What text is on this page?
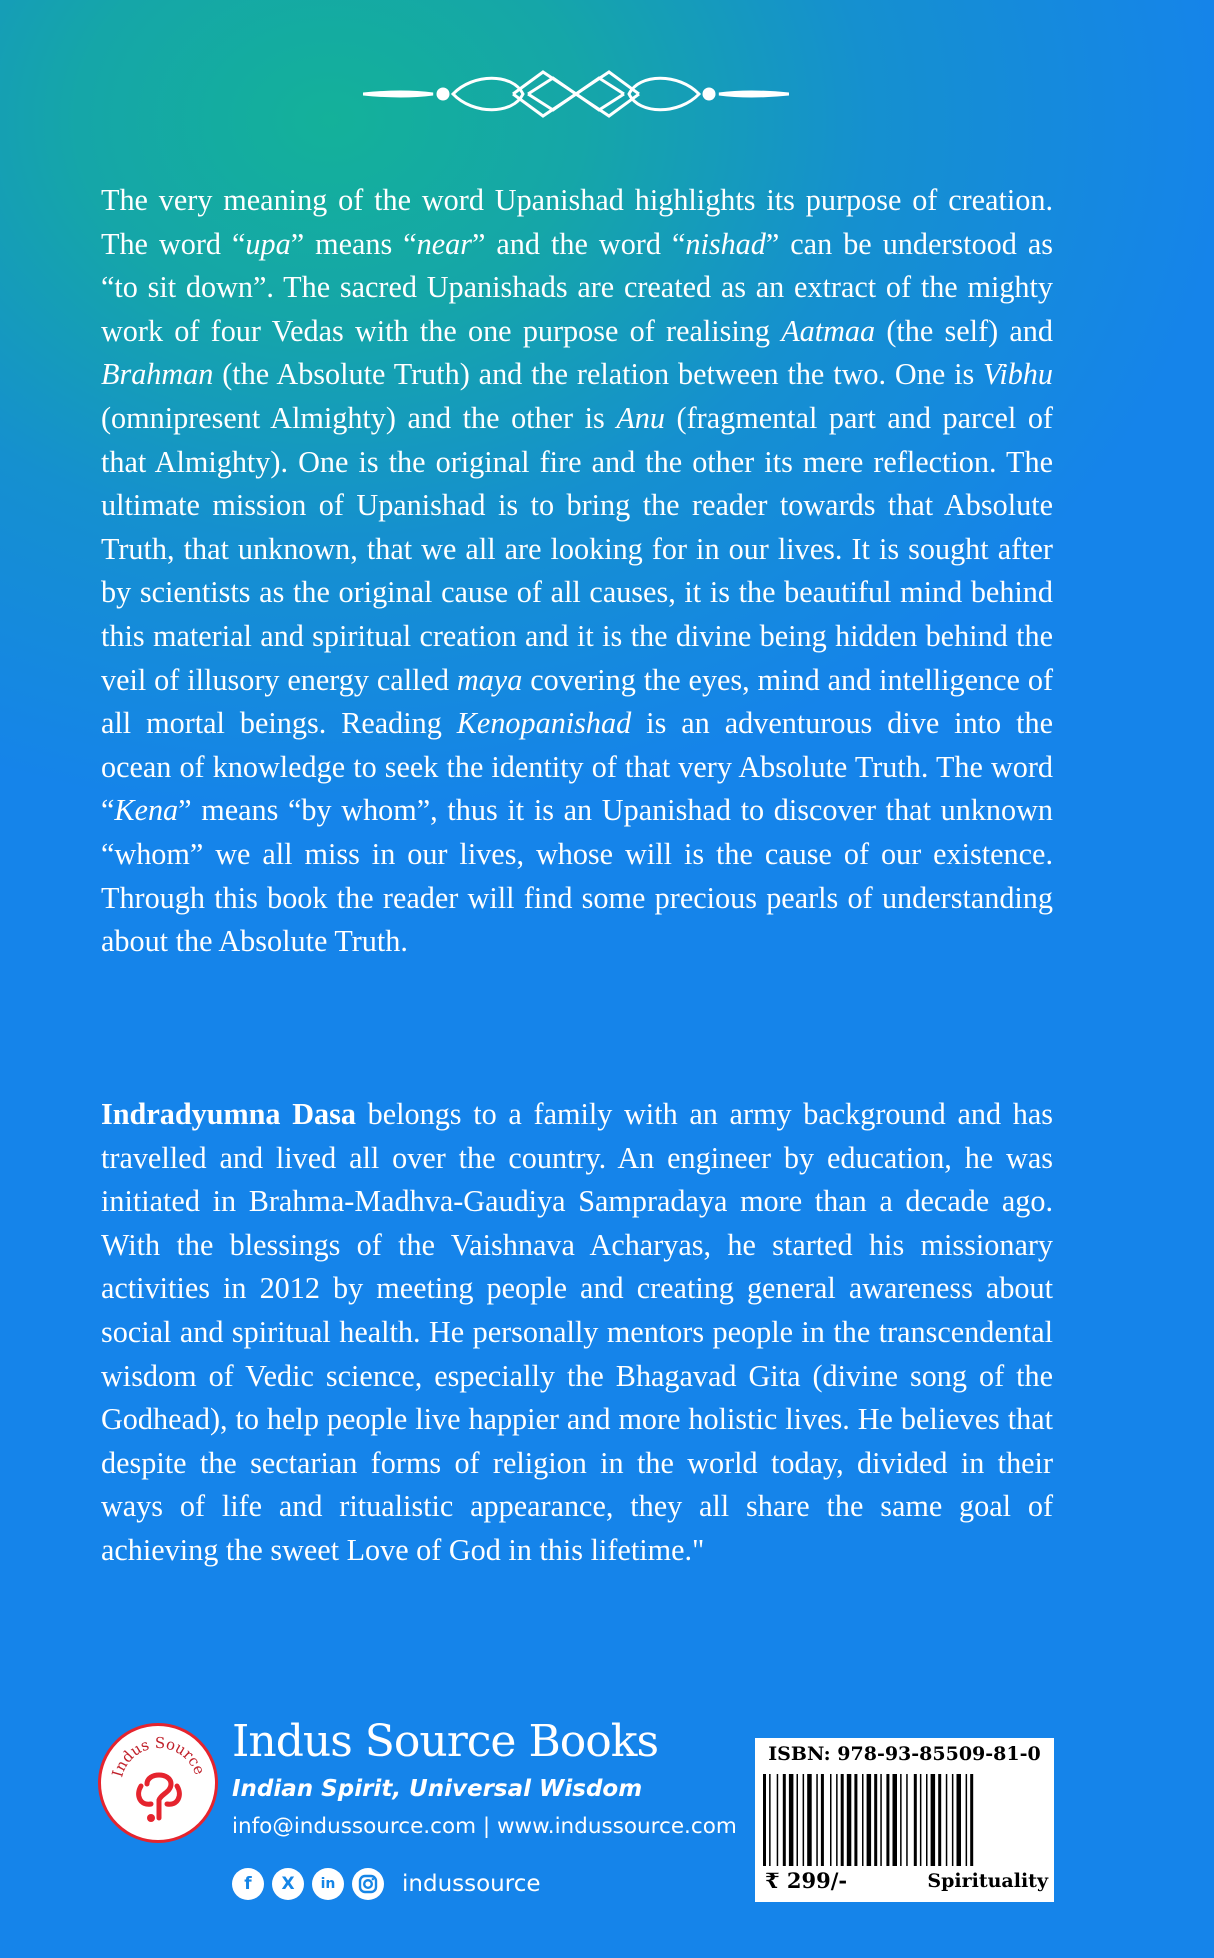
The very meaning of the word Upanishad highlights its purpose of creation. The word “upa” means “near” and the word “nishad” can be understood as “to sit down”. The sacred Upanishads are created as an extract of the mighty work of four Vedas with the one purpose of realising Aatmaa (the self) and Brahman (the Absolute Truth) and the relation between the two. One is Vibhu (omnipresent Almighty) and the other is Anu (fragmental part and parcel of that Almighty). One is the original fire and the other its mere reflection. The ultimate mission of Upanishad is to bring the reader towards that Absolute Truth, that unknown, that we all are looking for in our lives. It is sought after by scientists as the original cause of all causes, it is the beautiful mind behind this material and spiritual creation and it is the divine being hidden behind the veil of illusory energy called maya covering the eyes, mind and intelligence of all mortal beings. Reading Kenopanishad is an adventurous dive into the ocean of knowledge to seek the identity of that very Absolute Truth. The word “Kena” means “by whom”, thus it is an Upanishad to discover that unknown “whom” we all miss in our lives, whose will is the cause of our existence. Through this book the reader will find some precious pearls of understanding about the Absolute Truth.

Indradyumna Dasa belongs to a family with an army background and has travelled and lived all over the country. An engineer by education, he was initiated in Brahma-Madhva-Gaudiya Sampradaya more than a decade ago. With the blessings of the Vaishnava Acharyas, he started his missionary activities in 2012 by meeting people and creating general awareness about social and spiritual health. He personally mentors people in the transcendental wisdom of Vedic science, especially the Bhagavad Gita (divine song of the Godhead), to help people live happier and more holistic lives. He believes that despite the sectarian forms of religion in the world today, divided in their ways of life and ritualistic appearance, they all share the same goal of achieving the sweet Love of God in this lifetime."

Indus Source

Indus Source Books

Indian Spirit, Universal Wisdom

info@indussource.com | www.indussource.com

f	X	in	indussource
ISBN: 978-93-85509-81-0
₹ 299/-	Spirituality
